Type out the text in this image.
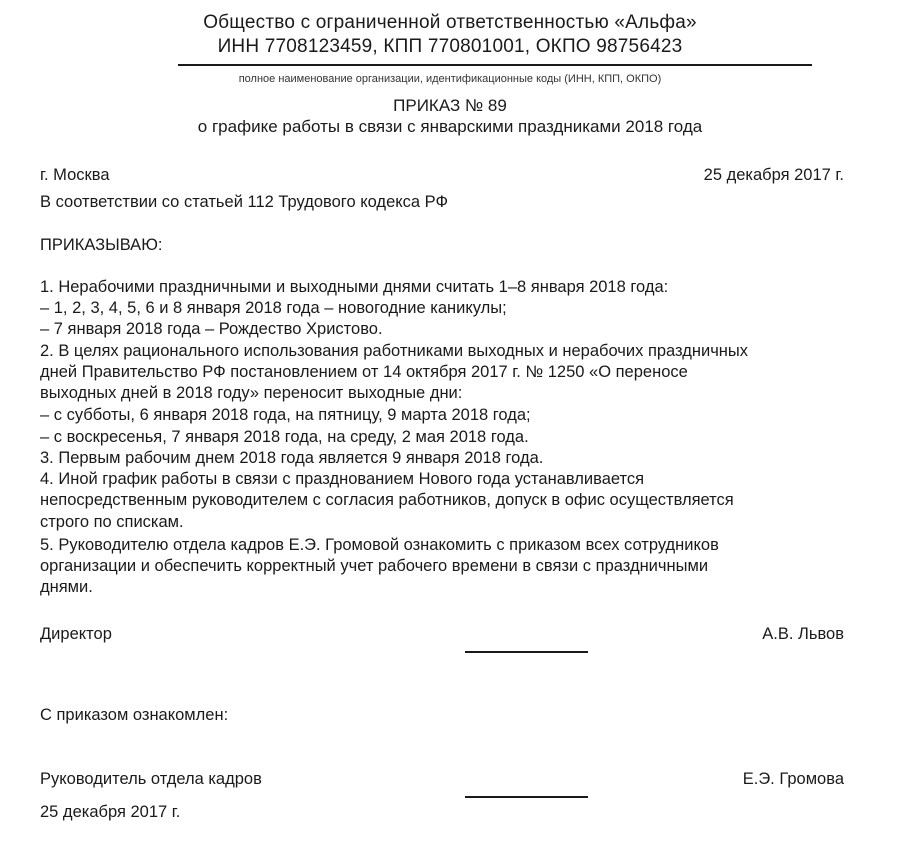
Общество с ограниченной ответственностью «Альфа»
ИНН 7708123459, КПП 770801001, ОКПО 98756423
полное наименование организации, идентификационные коды (ИНН, КПП, ОКПО)
ПРИКАЗ № 89
о графике работы в связи с январскими праздниками 2018 года
г. Москва	25 декабря 2017 г.
В соответствии со статьей 112 Трудового кодекса РФ
ПРИКАЗЫВАЮ:
1. Нерабочими праздничными и выходными днями считать 1–8 января 2018 года:
– 1, 2, 3, 4, 5, 6 и 8 января 2018 года – новогодние каникулы;
– 7 января 2018 года – Рождество Христово.
2. В целях рационального использования работниками выходных и нерабочих праздничных
дней Правительство РФ постановлением от 14 октября 2017 г. № 1250 «О переносе
выходных дней в 2018 году» переносит выходные дни:
– с субботы, 6 января 2018 года, на пятницу, 9 марта 2018 года;
– с воскресенья, 7 января 2018 года, на среду, 2 мая 2018 года.
3. Первым рабочим днем 2018 года является 9 января 2018 года.
4. Иной график работы в связи с празднованием Нового года устанавливается
непосредственным руководителем с согласия работников, допуск в офис осуществляется
строго по спискам.
5. Руководителю отдела кадров Е.Э. Громовой ознакомить с приказом всех сотрудников
организации и обеспечить корректный учет рабочего времени в связи с праздничными
днями.
Директор	А.В. Львов
С приказом ознакомлен:
Руководитель отдела кадров	Е.Э. Громова
25 декабря 2017 г.
